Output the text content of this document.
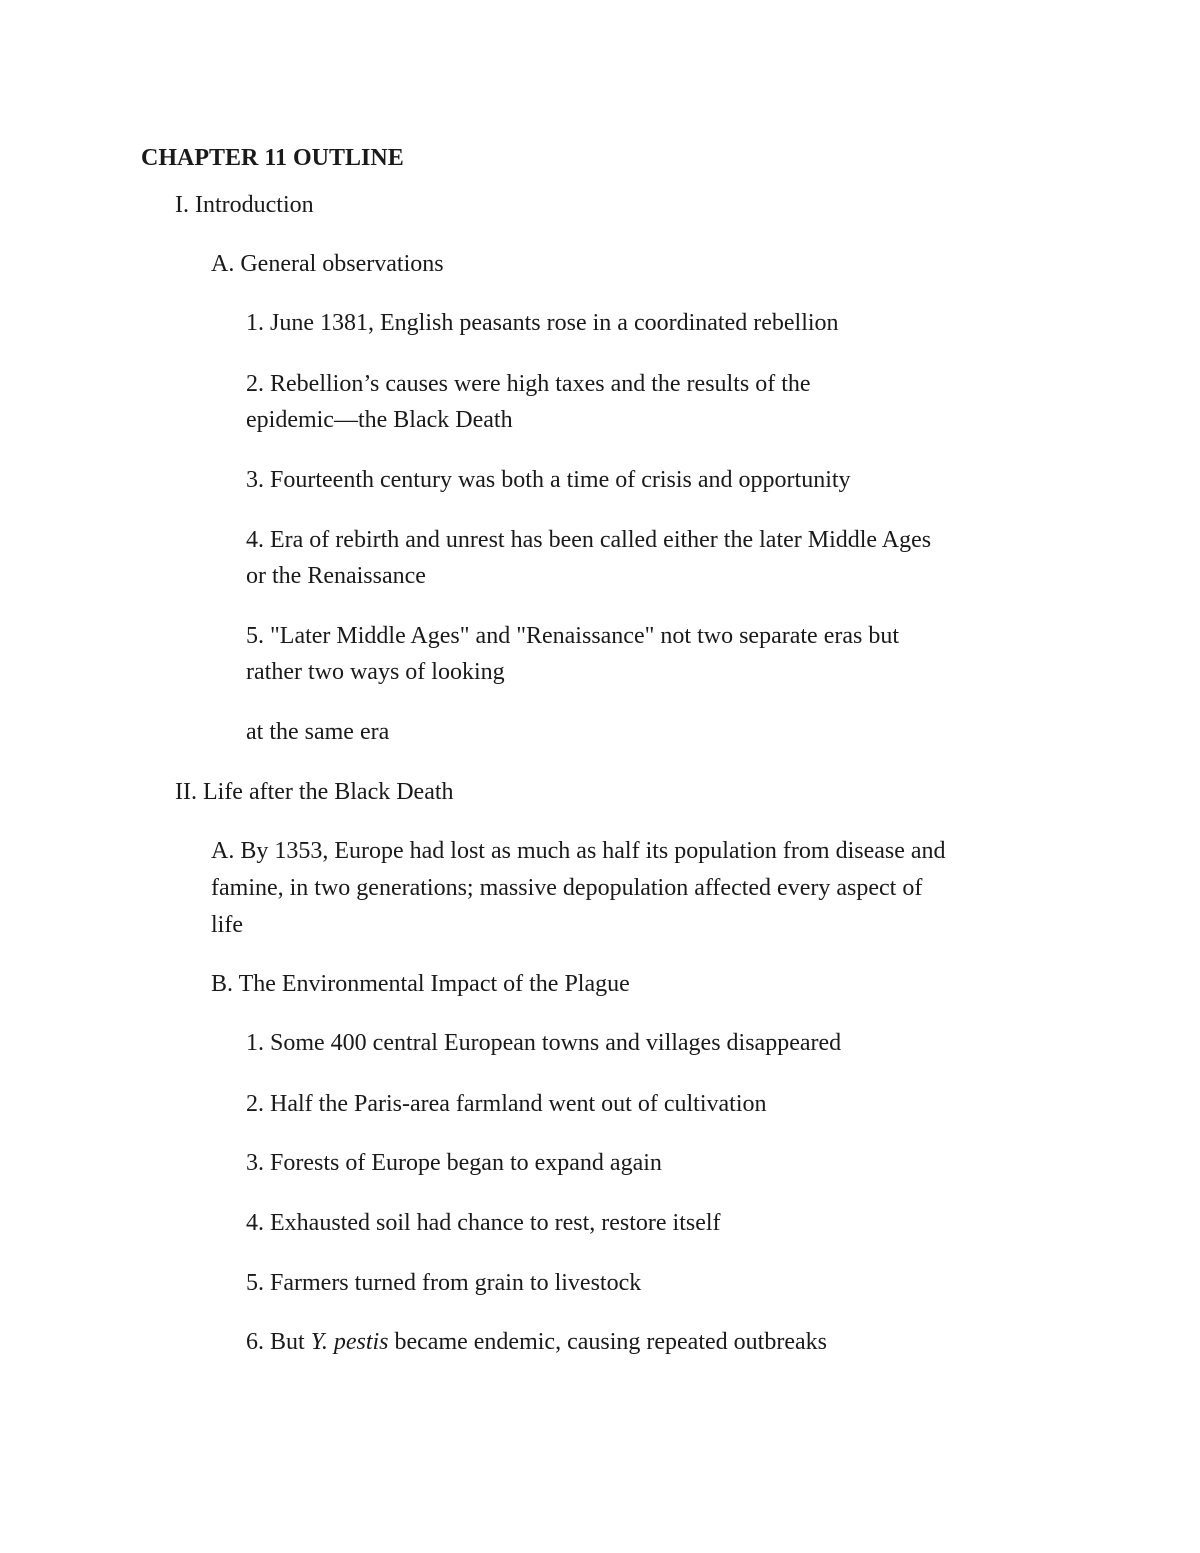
CHAPTER 11 OUTLINE
I. Introduction
A. General observations
1. June 1381, English peasants rose in a coordinated rebellion
2. Rebellion’s causes were high taxes and the results of the
epidemic—the Black Death
3. Fourteenth century was both a time of crisis and opportunity
4. Era of rebirth and unrest has been called either the later Middle Ages
or the Renaissance
5. "Later Middle Ages" and "Renaissance" not two separate eras but
rather two ways of looking
at the same era
II. Life after the Black Death
A. By 1353, Europe had lost as much as half its population from disease and
famine, in two generations; massive depopulation affected every aspect of
life
B. The Environmental Impact of the Plague
1. Some 400 central European towns and villages disappeared
2. Half the Paris-area farmland went out of cultivation
3. Forests of Europe began to expand again
4. Exhausted soil had chance to rest, restore itself
5. Farmers turned from grain to livestock
6. But Y. pestis became endemic, causing repeated outbreaks
